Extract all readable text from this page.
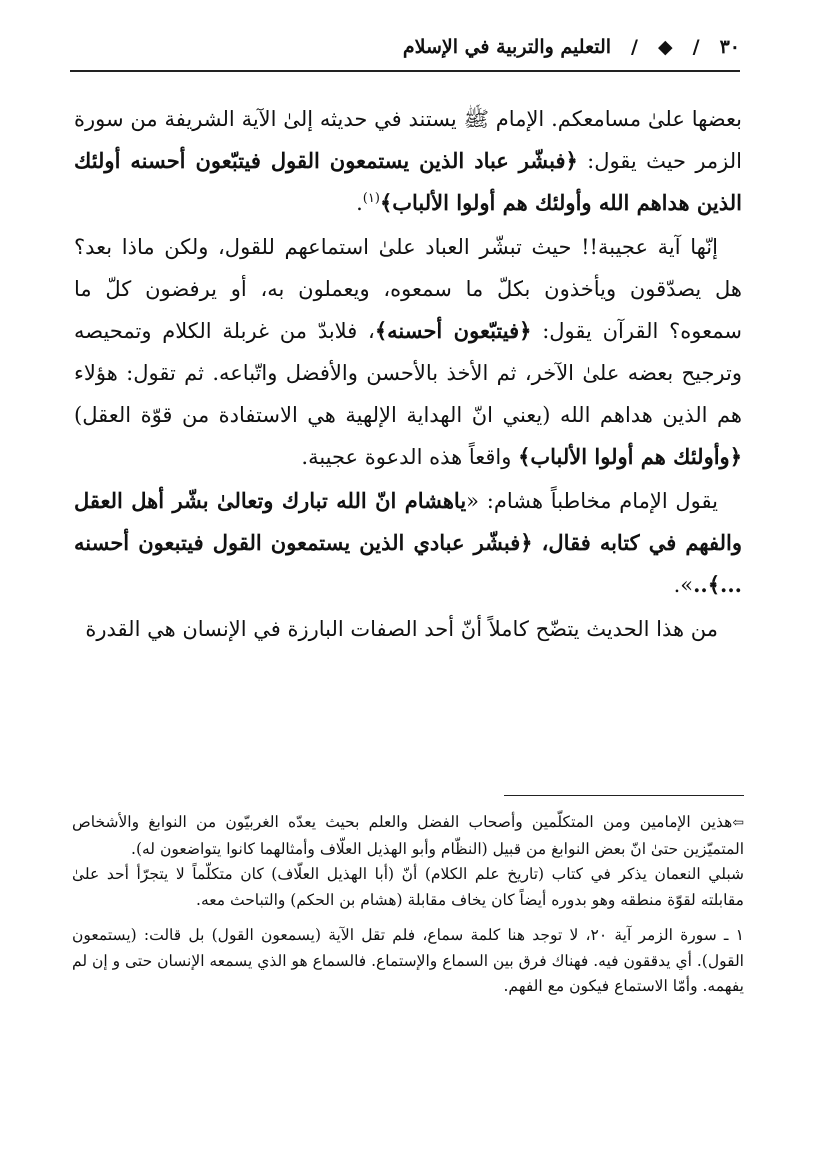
٣٠
/
◆
/
التعليم والتربية في الإسلام

بعضها علىٰ مسامعكم. الإمام ﷺ يستند في حديثه إلىٰ الآية الشريفة من سورة الزمر حيث يقول: ﴿فبشّر عباد الذين يستمعون القول فيتبّعون أحسنه أولئك الذين هداهم الله وأولئك هم أولوا الألباب﴾$^{(١)}$.

إنّها آية عجيبة!! حيث تبشّر العباد علىٰ استماعهم للقول، ولكن ماذا بعد؟ هل يصدّقون ويأخذون بكلّ ما سمعوه، ويعملون به، أو يرفضون كلّ ما سمعوه؟ القرآن يقول: ﴿فيتبّعون أحسنه﴾، فلابدّ من غربلة الكلام وتمحيصه وترجيح بعضه علىٰ الآخر، ثم الأخذ بالأحسن والأفضل واتّباعه. ثم تقول: هؤلاء هم الذين هداهم الله (يعني انّ الهداية الإلهية هي الاستفادة من قوّة العقل) ﴿وأولئك هم أولوا الألباب﴾ واقعاً هذه الدعوة عجيبة.

يقول الإمام مخاطباً هشام: «ياهشام انّ الله تبارك وتعالىٰ بشّر أهل العقل والفهم في كتابه فقال، ﴿فبشّر عبادي الذين يستمعون القول فيتبعون أحسنه ...﴾..».

من هذا الحديث يتضّح كاملاً أنّ أحد الصفات البارزة في الإنسان هي القدرة

⇦هذين الإمامين ومن المتكلّمين وأصحاب الفضل والعلم بحيث يعدّه الغربيّون من النوابغ والأشخاص المتميّزين حتىٰ انّ بعض النوابغ من قبيل (النظّام وأبو الهذيل العلّاف وأمثالهما كانوا يتواضعون له).

شبلي النعمان يذكر في كتاب (تاريخ علم الكلام) أنّ (أبا الهذيل العلّاف) كان متكلّماً لا يتجرّأ أحد علىٰ مقابلته لقوّة منطقه وهو بدوره أيضاً كان يخاف مقابلة (هشام بن الحكم) والتباحث معه.

١ ـ سورة الزمر آية ٢٠، لا توجد هنا كلمة سماع، فلم تقل الآية (يسمعون القول) بل قالت: (يستمعون القول). أي يدققون فيه. فهناك فرق بين السماع والإستماع. فالسماع هو الذي يسمعه الإنسان حتى و إن لم يفهمه. وأمّا الاستماع فيكون مع الفهم.
